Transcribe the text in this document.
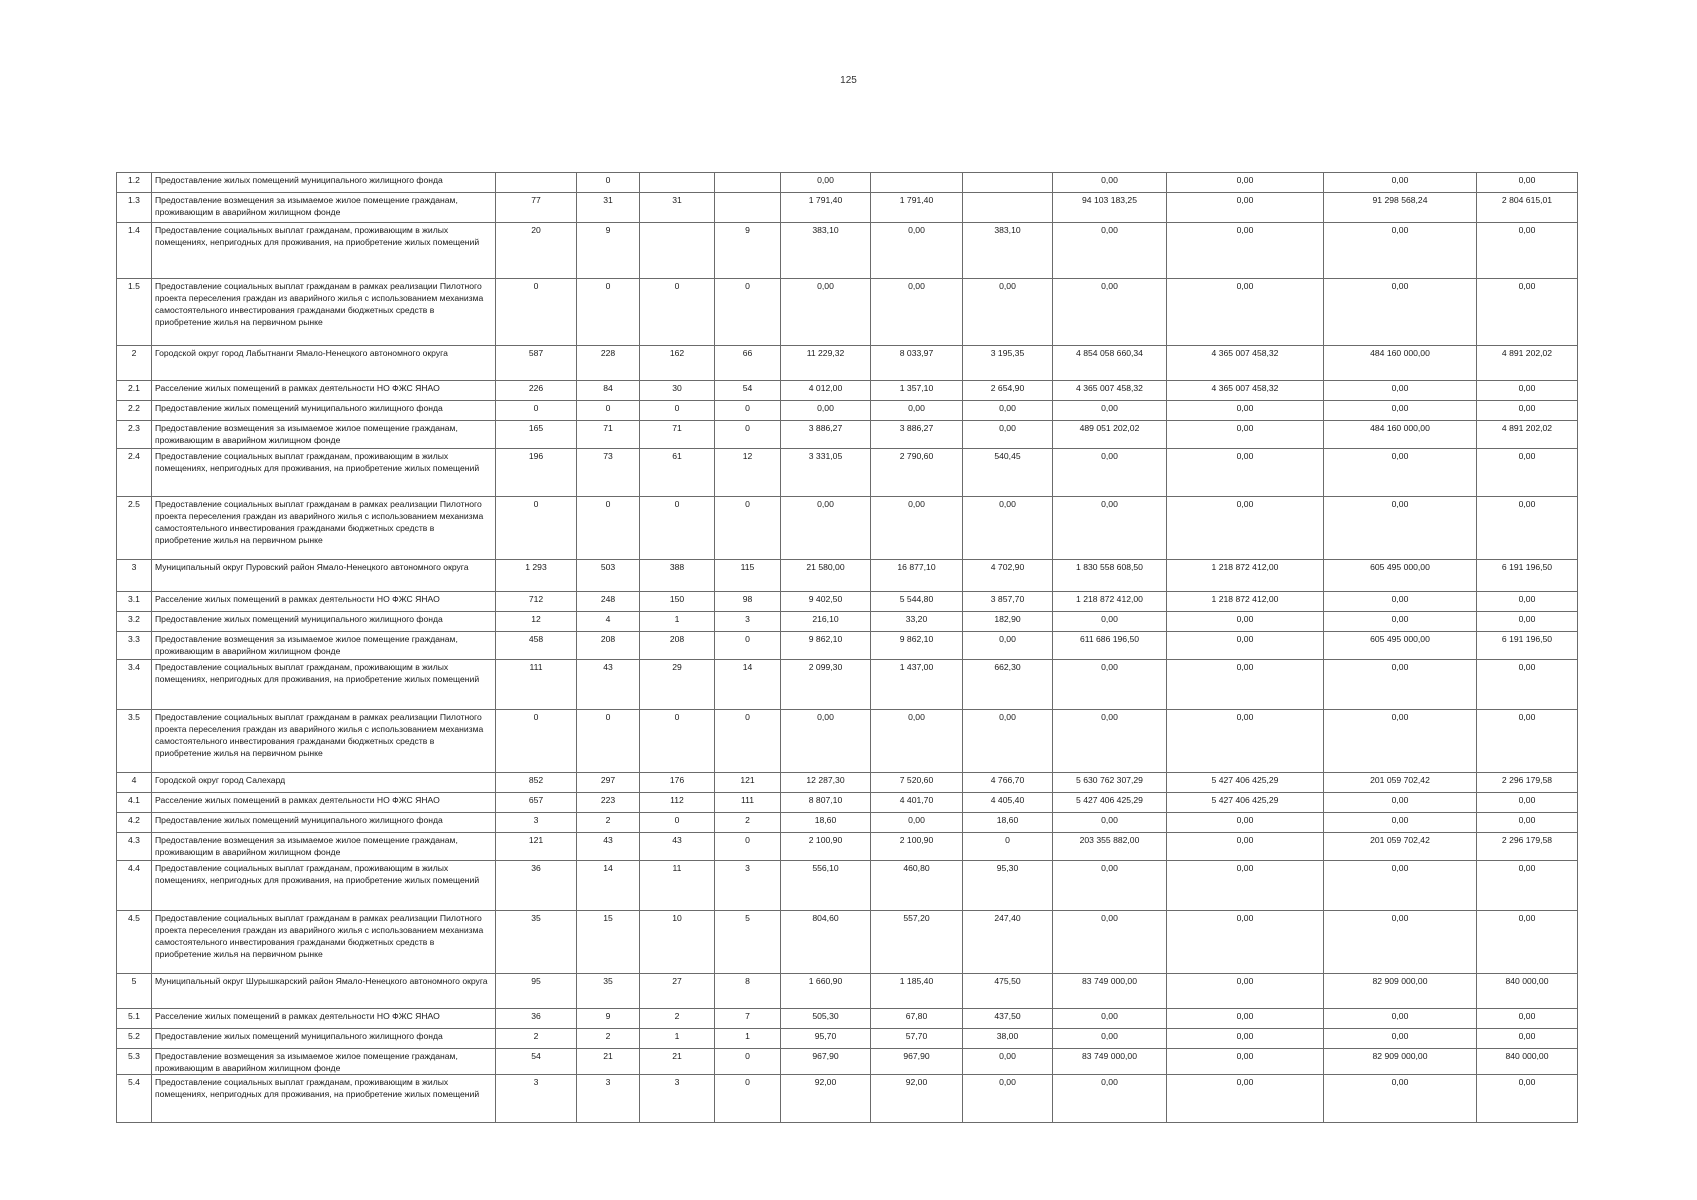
125
1.2	Предоставление жилых помещений муниципального жилищного фонда		0			0,00			0,00	0,00	0,00	0,00
1.3	Предоставление возмещения за изымаемое жилое помещение гражданам, проживающим в аварийном жилищном фонде	77	31	31		1 791,40	1 791,40		94 103 183,25	0,00	91 298 568,24	2 804 615,01
1.4	Предоставление социальных выплат гражданам, проживающим в жилых помещениях, непригодных для проживания, на приобретение жилых помещений	20	9		9	383,10	0,00	383,10	0,00	0,00	0,00	0,00
1.5	Предоставление социальных выплат гражданам в рамках реализации Пилотного проекта переселения граждан из аварийного жилья с использованием механизма самостоятельного инвестирования гражданами бюджетных средств в приобретение жилья на первичном рынке	0	0	0	0	0,00	0,00	0,00	0,00	0,00	0,00	0,00
2	Городской округ город Лабытнанги Ямало-Ненецкого автономного округа	587	228	162	66	11 229,32	8 033,97	3 195,35	4 854 058 660,34	4 365 007 458,32	484 160 000,00	4 891 202,02
2.1	Расселение жилых помещений в рамках деятельности НО ФЖС ЯНАО	226	84	30	54	4 012,00	1 357,10	2 654,90	4 365 007 458,32	4 365 007 458,32	0,00	0,00
2.2	Предоставление жилых помещений муниципального жилищного фонда	0	0	0	0	0,00	0,00	0,00	0,00	0,00	0,00	0,00
2.3	Предоставление возмещения за изымаемое жилое помещение гражданам, проживающим в аварийном жилищном фонде	165	71	71	0	3 886,27	3 886,27	0,00	489 051 202,02	0,00	484 160 000,00	4 891 202,02
2.4	Предоставление социальных выплат гражданам, проживающим в жилых помещениях, непригодных для проживания, на приобретение жилых помещений	196	73	61	12	3 331,05	2 790,60	540,45	0,00	0,00	0,00	0,00
2.5	Предоставление социальных выплат гражданам в рамках реализации Пилотного проекта переселения граждан из аварийного жилья с использованием механизма самостоятельного инвестирования гражданами бюджетных средств в приобретение жилья на первичном рынке	0	0	0	0	0,00	0,00	0,00	0,00	0,00	0,00	0,00
3	Муниципальный округ Пуровский район Ямало-Ненецкого автономного округа	1 293	503	388	115	21 580,00	16 877,10	4 702,90	1 830 558 608,50	1 218 872 412,00	605 495 000,00	6 191 196,50
3.1	Расселение жилых помещений в рамках деятельности НО ФЖС ЯНАО	712	248	150	98	9 402,50	5 544,80	3 857,70	1 218 872 412,00	1 218 872 412,00	0,00	0,00
3.2	Предоставление жилых помещений муниципального жилищного фонда	12	4	1	3	216,10	33,20	182,90	0,00	0,00	0,00	0,00
3.3	Предоставление возмещения за изымаемое жилое помещение гражданам, проживающим в аварийном жилищном фонде	458	208	208	0	9 862,10	9 862,10	0,00	611 686 196,50	0,00	605 495 000,00	6 191 196,50
3.4	Предоставление социальных выплат гражданам, проживающим в жилых помещениях, непригодных для проживания, на приобретение жилых помещений	111	43	29	14	2 099,30	1 437,00	662,30	0,00	0,00	0,00	0,00
3.5	Предоставление социальных выплат гражданам в рамках реализации Пилотного проекта переселения граждан из аварийного жилья с использованием механизма самостоятельного инвестирования гражданами бюджетных средств в приобретение жилья на первичном рынке	0	0	0	0	0,00	0,00	0,00	0,00	0,00	0,00	0,00
4	Городской округ город Салехард	852	297	176	121	12 287,30	7 520,60	4 766,70	5 630 762 307,29	5 427 406 425,29	201 059 702,42	2 296 179,58
4.1	Расселение жилых помещений в рамках деятельности НО ФЖС ЯНАО	657	223	112	111	8 807,10	4 401,70	4 405,40	5 427 406 425,29	5 427 406 425,29	0,00	0,00
4.2	Предоставление жилых помещений муниципального жилищного фонда	3	2	0	2	18,60	0,00	18,60	0,00	0,00	0,00	0,00
4.3	Предоставление возмещения за изымаемое жилое помещение гражданам, проживающим в аварийном жилищном фонде	121	43	43	0	2 100,90	2 100,90	0	203 355 882,00	0,00	201 059 702,42	2 296 179,58
4.4	Предоставление социальных выплат гражданам, проживающим в жилых помещениях, непригодных для проживания, на приобретение жилых помещений	36	14	11	3	556,10	460,80	95,30	0,00	0,00	0,00	0,00
4.5	Предоставление социальных выплат гражданам в рамках реализации Пилотного проекта переселения граждан из аварийного жилья с использованием механизма самостоятельного инвестирования гражданами бюджетных средств в приобретение жилья на первичном рынке	35	15	10	5	804,60	557,20	247,40	0,00	0,00	0,00	0,00
5	Муниципальный округ Шурышкарский район Ямало-Ненецкого автономного округа	95	35	27	8	1 660,90	1 185,40	475,50	83 749 000,00	0,00	82 909 000,00	840 000,00
5.1	Расселение жилых помещений в рамках деятельности НО ФЖС ЯНАО	36	9	2	7	505,30	67,80	437,50	0,00	0,00	0,00	0,00
5.2	Предоставление жилых помещений муниципального жилищного фонда	2	2	1	1	95,70	57,70	38,00	0,00	0,00	0,00	0,00
5.3	Предоставление возмещения за изымаемое жилое помещение гражданам, проживающим в аварийном жилищном фонде	54	21	21	0	967,90	967,90	0,00	83 749 000,00	0,00	82 909 000,00	840 000,00
5.4	Предоставление социальных выплат гражданам, проживающим в жилых помещениях, непригодных для проживания, на приобретение жилых помещений	3	3	3	0	92,00	92,00	0,00	0,00	0,00	0,00	0,00
